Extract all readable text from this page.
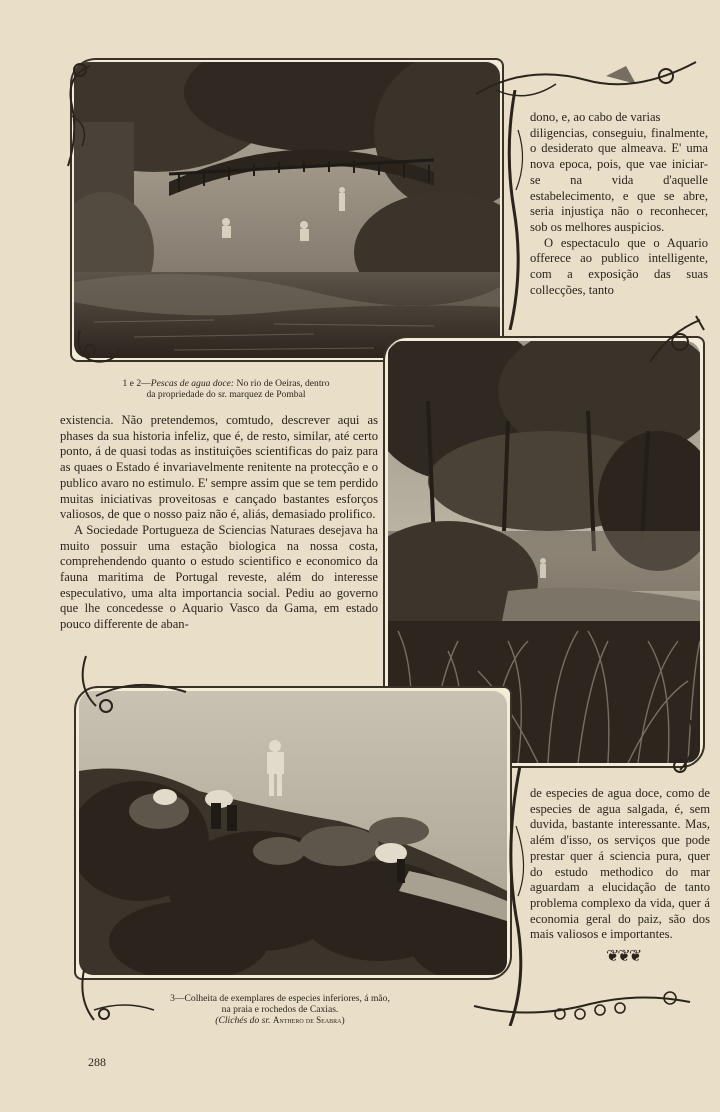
dono, e, ao cabo de varias

diligencias, conseguiu, finalmente, o desiderato que almeava. E' uma nova epoca, pois, que vae iniciar-se na vida d'aquelle estabelecimento, e que se abre, seria injustiça não o reconhecer, sob os melhores auspicios.

O espectaculo que o Aquario offerece ao publico intelligente, com a exposição das suas collecções, tanto

1 e 2—Pescas de agua doce: No rio de Oeiras, dentro
da propriedade do sr. marquez de Pombal

existencia. Não pretendemos, comtudo, descrever aqui as phases da sua historia infeliz, que é, de resto, similar, até certo ponto, á de quasi todas as instituições scientificas do paiz para as quaes o Estado é invariavelmente renitente na protecção e o publico avaro no estimulo. E' sempre assim que se tem perdido muitas iniciativas proveitosas e cançado bastantes esforços valiosos, de que o nosso paiz não é, aliás, demasiado prolifico.

A Sociedade Portugueza de Sciencias Naturaes desejava ha muito possuir uma estação biologica na nossa costa, comprehendendo quanto o estudo scientifico e economico da fauna maritima de Portugal reveste, além do interesse especulativo, uma alta importancia social. Pediu ao governo que lhe concedesse o Aquario Vasco da Gama, em estado pouco differente de aban-

de especies de agua doce, como de especies de agua salgada, é, sem duvida, bastante interessante. Mas, além d'isso, os serviços que pode prestar quer á sciencia pura, quer do estudo methodico do mar aguardam a elucidação de tanto problema complexo da vida, quer á economia geral do paiz, são dos mais valiosos e importantes.

❦❦❦
3—Colheita de exemplares de especies inferiores, á mão,
na praia e rochedos de Caxias.
(Clichés do sr. Anthero de Seabra)
288
